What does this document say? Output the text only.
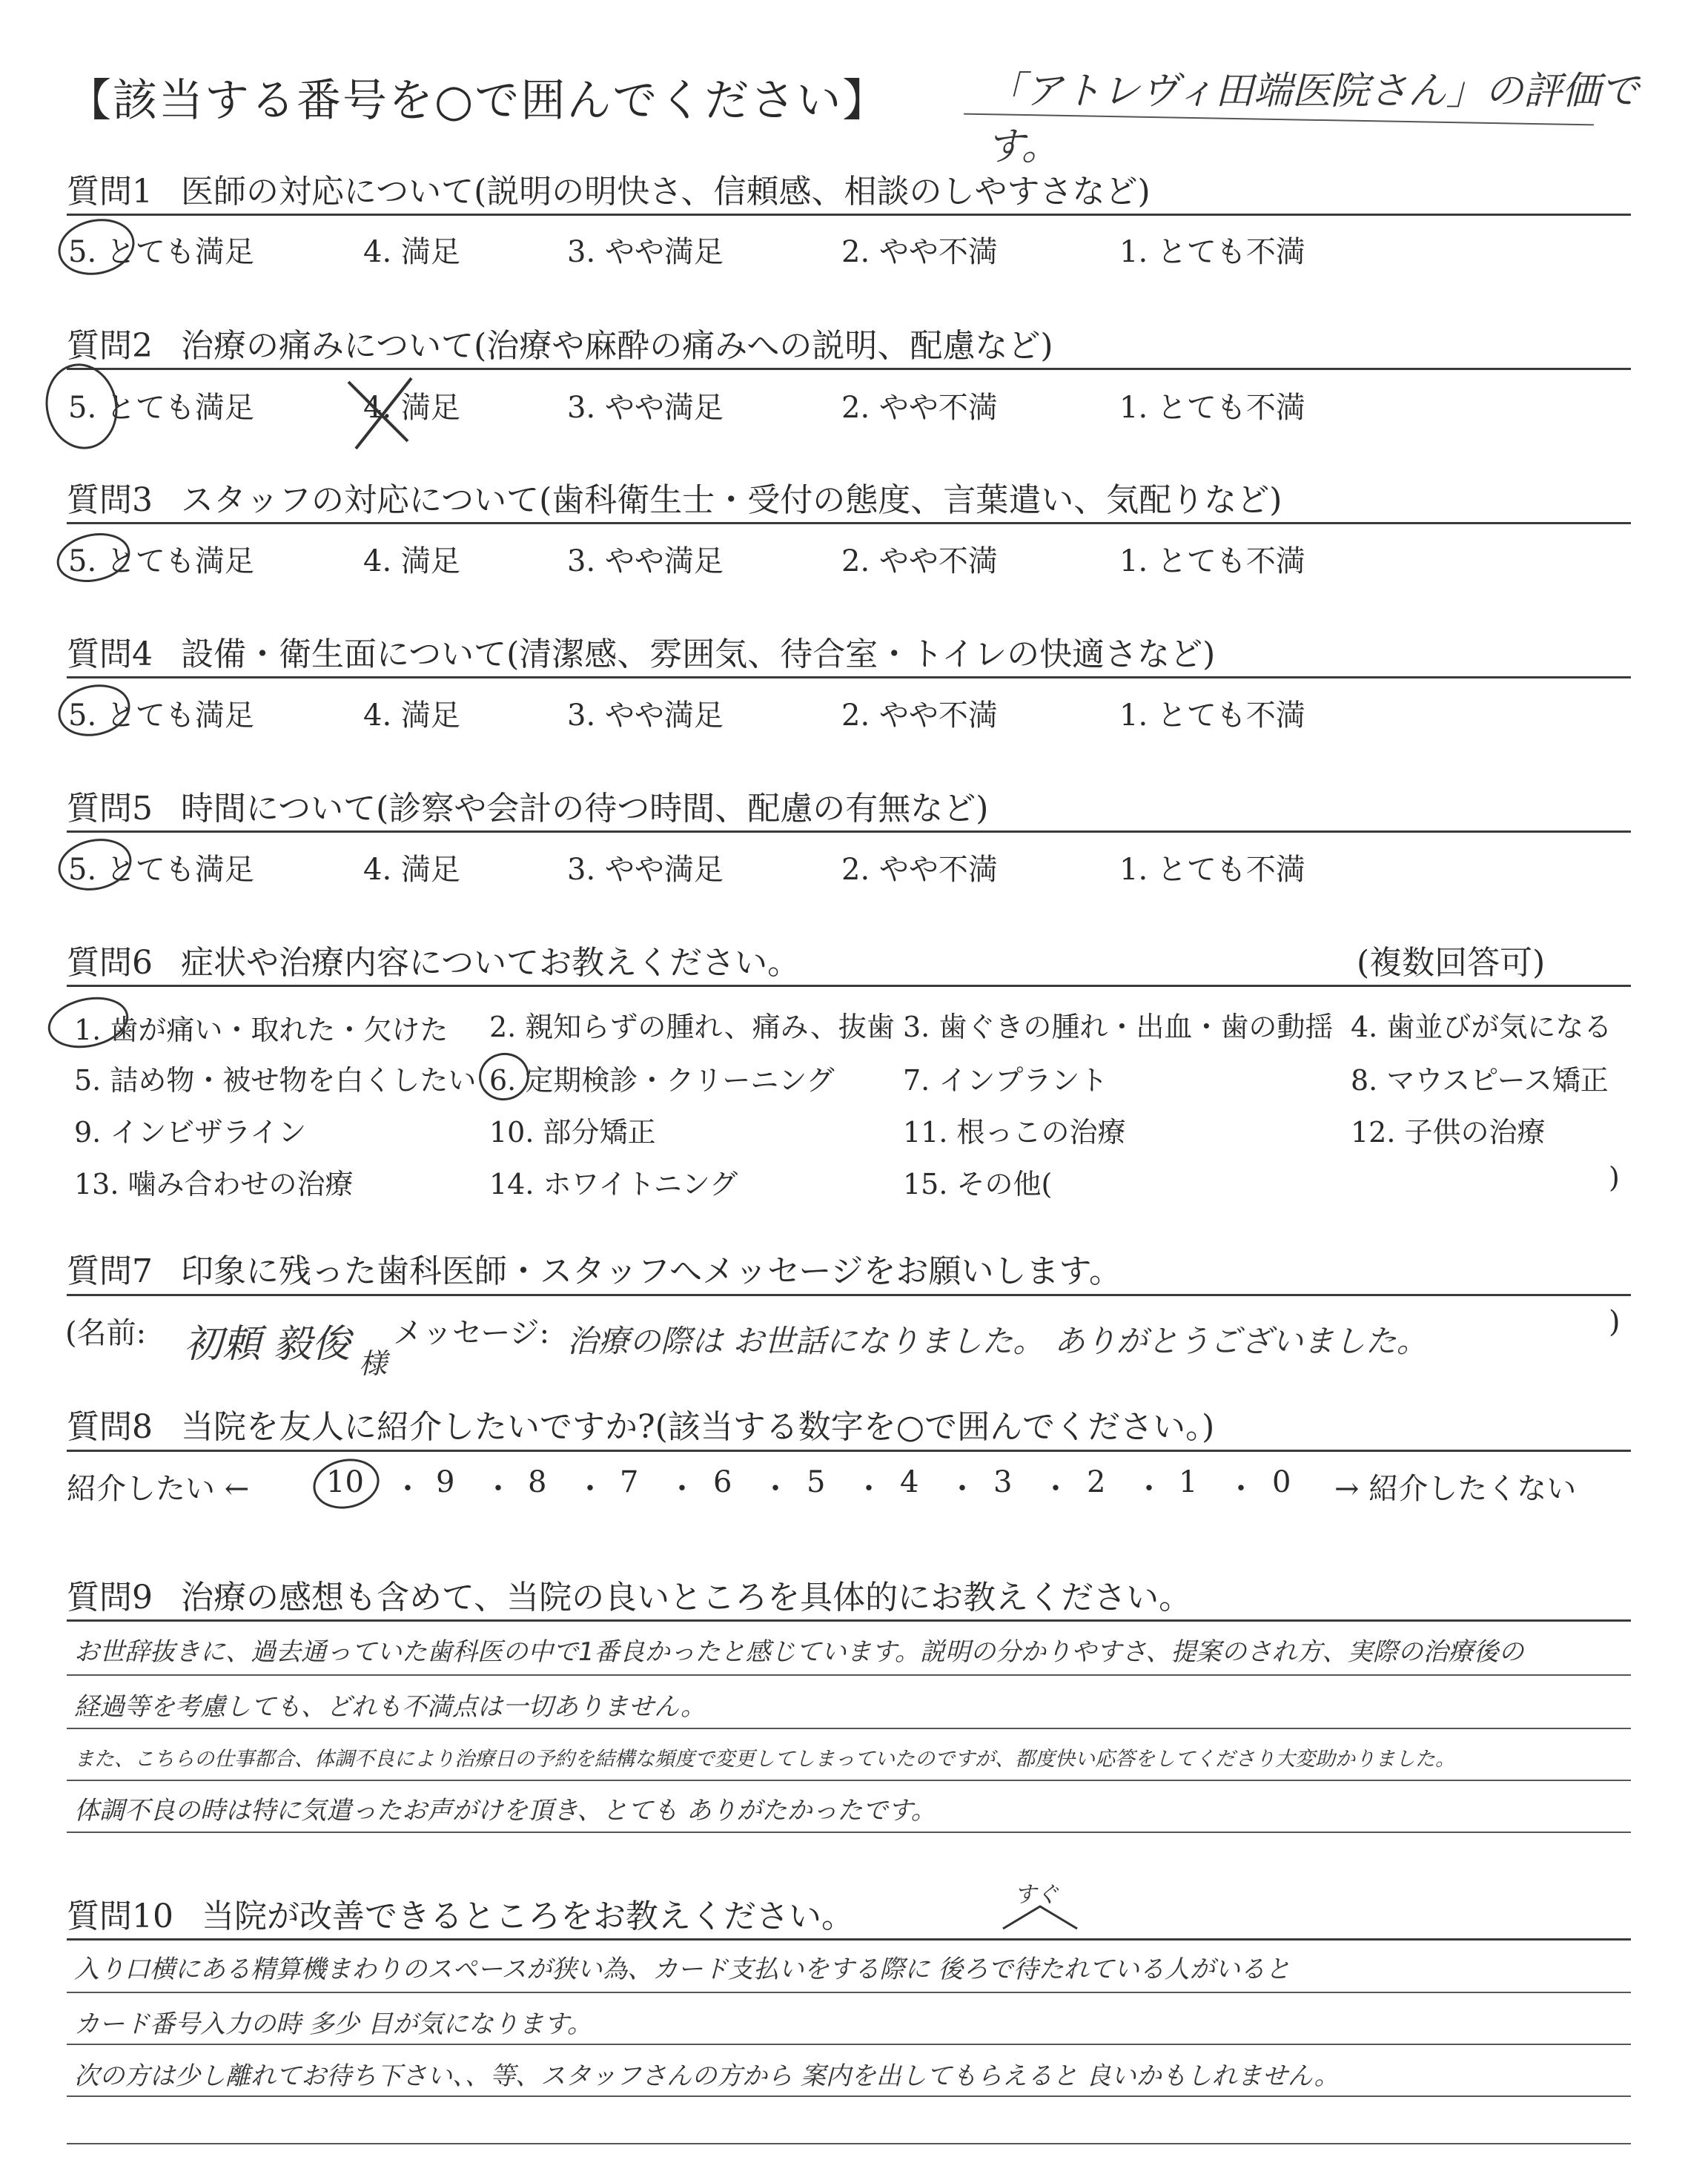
【該当する番号を○で囲んでください】	「アトレヴィ田端医院さん」の評価です。
質問1 医師の対応について(説明の明快さ、信頼感、相談のしやすさなど)
5. とても満足	4. 満足	3. やや満足	2. やや不満	1. とても不満
質問2 治療の痛みについて(治療や麻酔の痛みへの説明、配慮など)
5. とても満足	4. 満足	3. やや満足	2. やや不満	1. とても不満
質問3 スタッフの対応について(歯科衛生士・受付の態度、言葉遣い、気配りなど)
5. とても満足	4. 満足	3. やや満足	2. やや不満	1. とても不満
質問4 設備・衛生面について(清潔感、雰囲気、待合室・トイレの快適さなど)
5. とても満足	4. 満足	3. やや満足	2. やや不満	1. とても不満
質問5 時間について(診察や会計の待つ時間、配慮の有無など)
5. とても満足	4. 満足	3. やや満足	2. やや不満	1. とても不満
質問6 症状や治療内容についてお教えください。	(複数回答可)
1. 歯が痛い・取れた・欠けた 2. 親知らずの腫れ、痛み、抜歯 3. 歯ぐきの腫れ・出血・歯の動揺 4. 歯並びが気になる
5. 詰め物・被せ物を白くしたい 6. 定期検診・クリーニング 7. インプラント	8. マウスピース矯正
9. インビザライン	10. 部分矯正	11. 根っこの治療	12. 子供の治療
13. 噛み合わせの治療	14. ホワイトニング	15. その他(	)
質問7 印象に残った歯科医師・スタッフへメッセージをお願いします。
(名前: 初頼 毅俊 様
メッセージ: 治療の際は お世話になりました。 ありがとうございました。
)
質問8 当院を友人に紹介したいですか?(該当する数字を○で囲んでください。)
紹介したい ←	10 ・ 9 ・ 8 ・ 7 ・ 6 ・ 5 ・ 4 ・ 3 ・ 2 ・ 1 ・ 0 → 紹介したくない
質問9 治療の感想も含めて、当院の良いところを具体的にお教えください。
お世辞抜きに、過去通っていた歯科医の中で1番良かったと感じています。説明の分かりやすさ、提案のされ方、実際の治療後の
経過等を考慮しても、どれも不満点は一切ありません。
また、こちらの仕事都合、体調不良により治療日の予約を結構な頻度で変更してしまっていたのですが、都度快い応答をしてくださり大変助かりました。
体調不良の時は特に気遣ったお声がけを頂き、とても ありがたかったです。
質問10 当院が改善できるところをお教えください。
すぐ
入り口横にある精算機まわりのスペースが狭い為、カード支払いをする際に 後ろで待たれている人がいると
カード番号入力の時 多少 目が気になります。
次の方は少し離れてお待ち下さい、、等、スタッフさんの方から 案内を出してもらえると 良いかもしれません。
